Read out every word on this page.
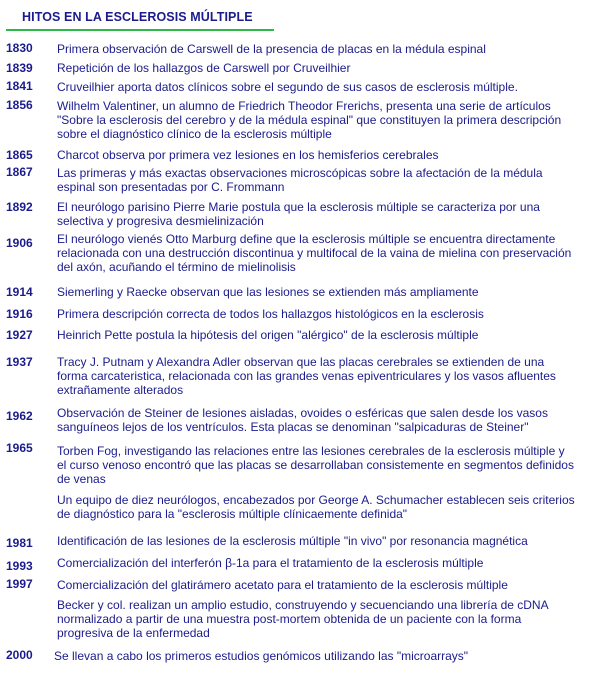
HITOS EN LA ESCLEROSIS MÚLTIPLE
1830 Primera observación de Carswell de la presencia de placas en la médula espinal
1839 Repetición de los hallazgos de Carswell por Cruveilhier
1841 Cruveilhier aporta datos clínicos sobre el segundo de sus casos de esclerosis múltiple.
1856 Wilhelm Valentiner, un alumno de Friedrich Theodor Frerichs, presenta una serie de artículos "Sobre la esclerosis del cerebro y de la médula espinal" que constituyen la primera descripción sobre el diagnóstico clínico de la esclerosis múltiple
1865 Charcot observa por primera vez lesiones en los hemisferios cerebrales
1867 Las primeras y más exactas observaciones microscópicas sobre la afectación de la médula espinal son presentadas por C. Frommann
1892 El neurólogo parisino Pierre Marie postula que la esclerosis múltiple se caracteriza por una selectiva y progresiva desmielinización
1906 El neurólogo vienés Otto Marburg define que la esclerosis múltiple se encuentra directamente relacionada con una destrucción discontinua y multifocal de la vaina de mielina con preservación del axón, acuñando el término de mielinolisis
1914 Siemerling y Raecke observan que las lesiones se extienden más ampliamente
1916 Primera descripción correcta de todos los hallazgos histológicos en la esclerosis
1927 Heinrich Pette postula la hipótesis del origen "alérgico" de la esclerosis múltiple
1937 Tracy J. Putnam y Alexandra Adler observan que las placas cerebrales se extienden de una forma carcateristica, relacionada con las grandes venas epiventriculares y los vasos afluentes extrañamente alterados
1962 Observación de Steiner de lesiones aisladas, ovoides o esféricas que salen desde los vasos sanguíneos lejos de los ventrículos. Esta placas se denominan "salpicaduras de Steiner"
1965 Torben Fog, investigando las relaciones entre las lesiones cerebrales de la esclerosis múltiple y el curso venoso encontró que las placas se desarrollaban consistemente en segmentos definidos de venas
Un equipo de diez neurólogos, encabezados por George A. Schumacher establecen seis criterios de diagnóstico para la "esclerosis múltiple clínicaemente definida"
1981 Identificación de las lesiones de la esclerosis múltiple "in vivo" por resonancia magnética
1993 Comercialización del interferón β-1a para el tratamiento de la esclerosis múltiple
1997 Comercialización del glatirámero acetato para el tratamiento de la esclerosis múltiple
Becker y col. realizan un amplio estudio, construyendo y secuenciando una librería de cDNA normalizado a partir de una muestra post-mortem obtenida de un paciente con la forma progresiva de la enfermedad
2000 Se llevan a cabo los primeros estudios genómicos utilizando las "microarrays"
